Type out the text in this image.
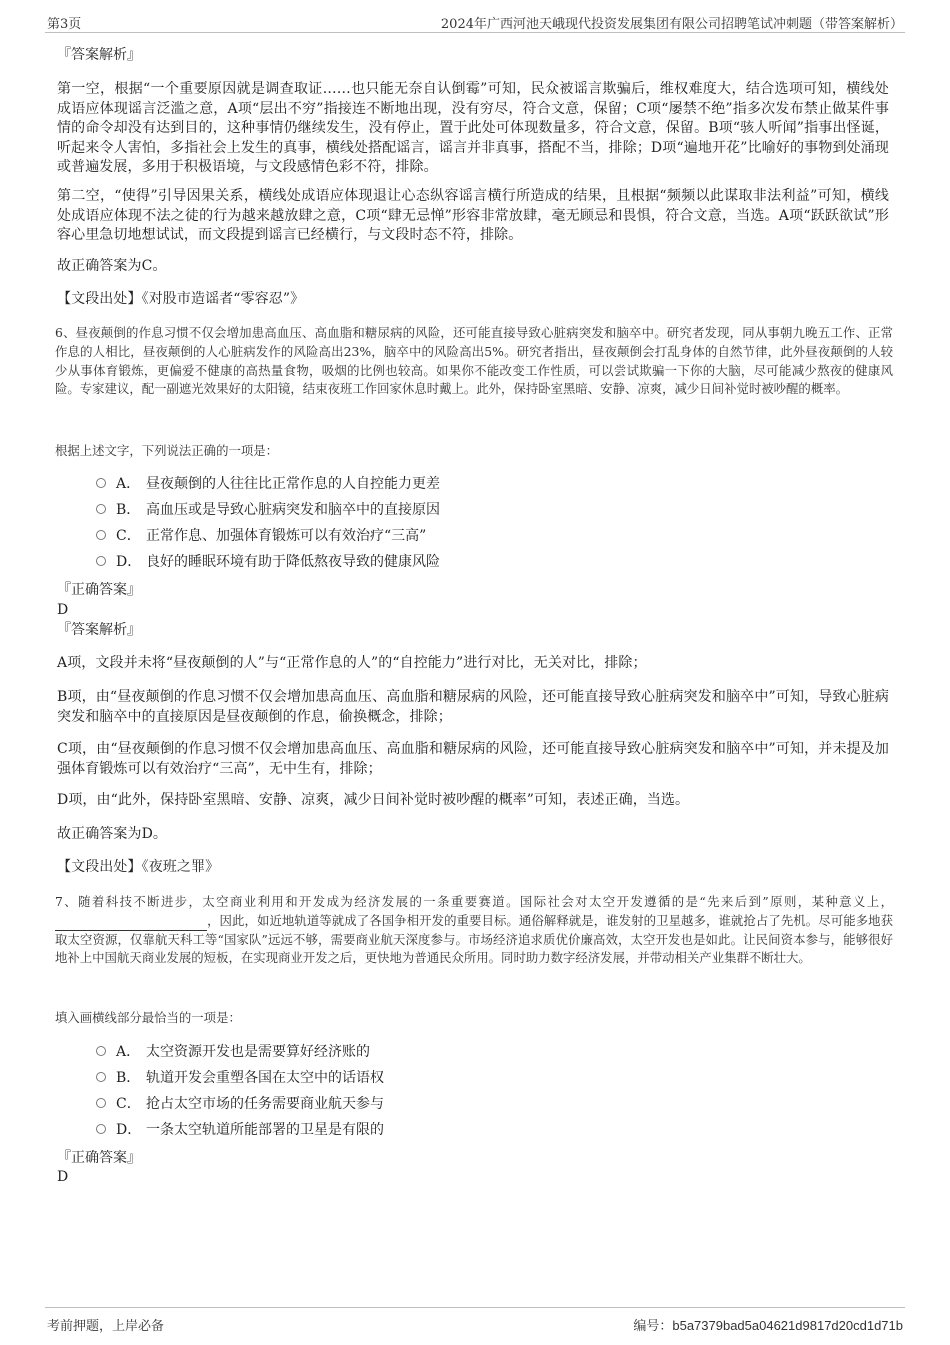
第3页	2024年广西河池天峨现代投资发展集团有限公司招聘笔试冲刺题（带答案解析）
『答案解析』
第一空，根据“一个重要原因就是调查取证……也只能无奈自认倒霉”可知，民众被谣言欺骗后，维权难度大，结合选项可知，横线处成语应体现谣言泛滥之意，A项“层出不穷”指接连不断地出现，没有穷尽，符合文意，保留；C项“屡禁不绝”指多次发布禁止做某件事情的命令却没有达到目的，这种事情仍继续发生，没有停止，置于此处可体现数量多，符合文意，保留。B项“骇人听闻”指事出怪诞，听起来令人害怕，多指社会上发生的真事，横线处搭配谣言，谣言并非真事，搭配不当，排除；D项“遍地开花”比喻好的事物到处涌现或普遍发展，多用于积极语境，与文段感情色彩不符，排除。
第二空，“使得”引导因果关系，横线处成语应体现退让心态纵容谣言横行所造成的结果，且根据“频频以此谋取非法利益”可知，横线处成语应体现不法之徒的行为越来越放肆之意，C项“肆无忌惮”形容非常放肆，毫无顾忌和畏惧，符合文意，当选。A项“跃跃欲试”形容心里急切地想试试，而文段提到谣言已经横行，与文段时态不符，排除。
故正确答案为C。
【文段出处】《对股市造谣者“零容忍”》
6、昼夜颠倒的作息习惯不仅会增加患高血压、高血脂和糖尿病的风险，还可能直接导致心脏病突发和脑卒中。研究者发现，同从事朝九晚五工作、正常作息的人相比，昼夜颠倒的人心脏病发作的风险高出23%，脑卒中的风险高出5%。研究者指出，昼夜颠倒会打乱身体的自然节律，此外昼夜颠倒的人较少从事体育锻炼，更偏爱不健康的高热量食物，吸烟的比例也较高。如果你不能改变工作性质，可以尝试欺骗一下你的大脑，尽可能减少熬夜的健康风险。专家建议，配一副遮光效果好的太阳镜，结束夜班工作回家休息时戴上。此外，保持卧室黑暗、安静、凉爽，减少日间补觉时被吵醒的概率。
根据上述文字，下列说法正确的一项是：
A． 昼夜颠倒的人往往比正常作息的人自控能力更差
B． 高血压或是导致心脏病突发和脑卒中的直接原因
C． 正常作息、加强体育锻炼可以有效治疗“三高”
D． 良好的睡眠环境有助于降低熬夜导致的健康风险
『正确答案』
D
『答案解析』
A项，文段并未将“昼夜颠倒的人”与“正常作息的人”的“自控能力”进行对比，无关对比，排除；
B项，由“昼夜颠倒的作息习惯不仅会增加患高血压、高血脂和糖尿病的风险，还可能直接导致心脏病突发和脑卒中”可知，导致心脏病突发和脑卒中的直接原因是昼夜颠倒的作息，偷换概念，排除；
C项，由“昼夜颠倒的作息习惯不仅会增加患高血压、高血脂和糖尿病的风险，还可能直接导致心脏病突发和脑卒中”可知，并未提及加强体育锻炼可以有效治疗“三高”，无中生有，排除；
D项，由“此外，保持卧室黑暗、安静、凉爽，减少日间补觉时被吵醒的概率”可知，表述正确，当选。
故正确答案为D。
【文段出处】《夜班之罪》
7、随着科技不断进步，太空商业利用和开发成为经济发展的一条重要赛道。国际社会对太空开发遵循的是“先来后到”原则，某种意义上，，因此，如近地轨道等就成了各国争相开发的重要目标。通俗解释就是，谁发射的卫星越多，谁就抢占了先机。尽可能多地获取太空资源，仅靠航天科工等“国家队”远远不够，需要商业航天深度参与。市场经济追求质优价廉高效，太空开发也是如此。让民间资本参与，能够很好地补上中国航天商业发展的短板，在实现商业开发之后，更快地为普通民众所用。同时助力数字经济发展，并带动相关产业集群不断壮大。
填入画横线部分最恰当的一项是：
A． 太空资源开发也是需要算好经济账的
B． 轨道开发会重塑各国在太空中的话语权
C． 抢占太空市场的任务需要商业航天参与
D． 一条太空轨道所能部署的卫星是有限的
『正确答案』
D
考前押题，上岸必备	编号：b5a7379bad5a04621d9817d20cd1d71b
